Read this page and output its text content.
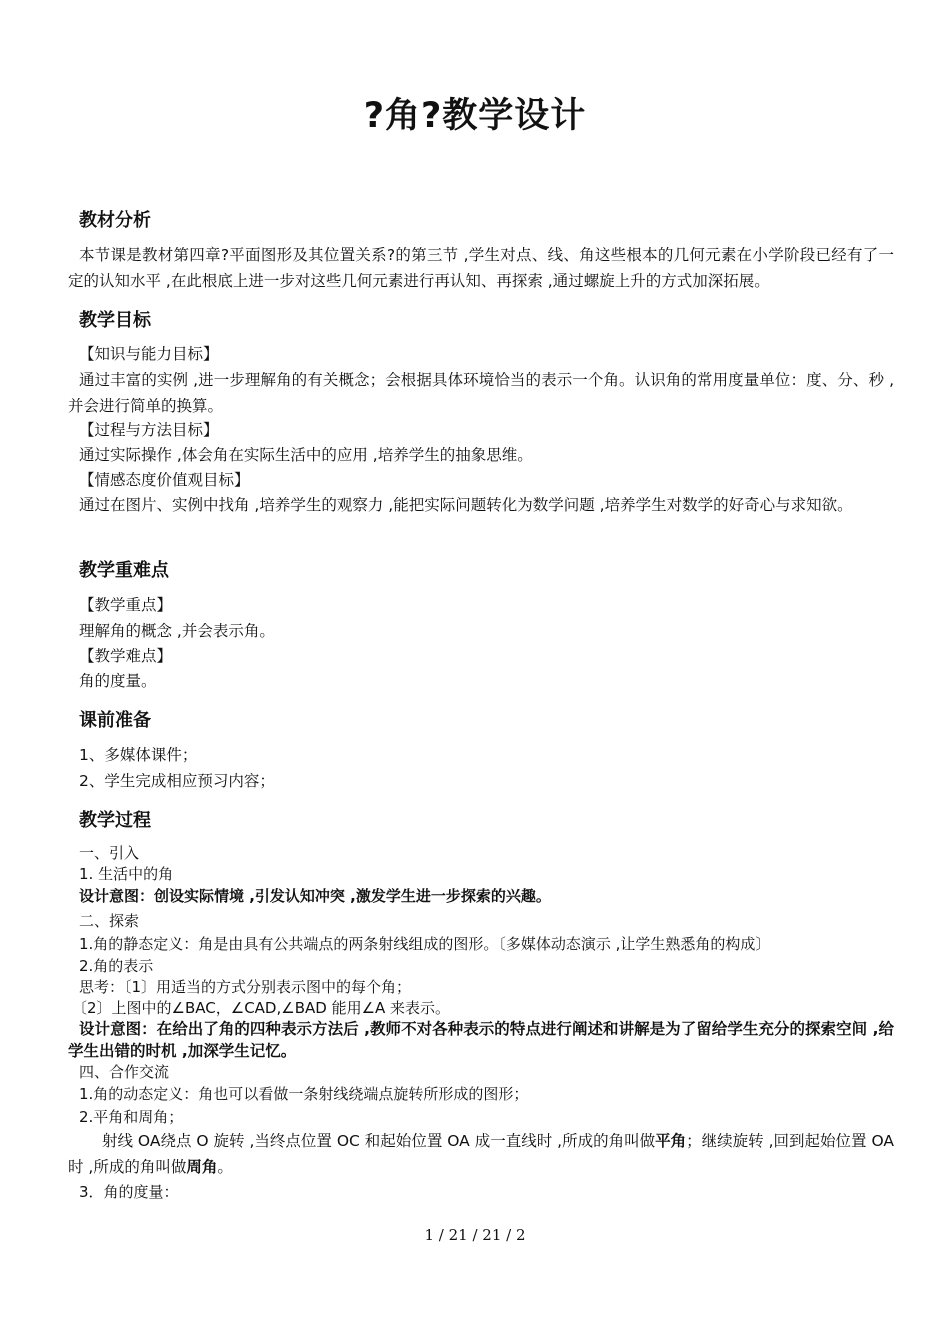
?角?教学设计
教材分析
本节课是教材第四章?平面图形及其位置关系?的第三节 ,学生对点、线、角这些根本的几何元素在小学阶段已经有了一定的认知水平 ,在此根底上进一步对这些几何元素进行再认知、再探索 ,通过螺旋上升的方式加深拓展。
教学目标
【知识与能力目标】
通过丰富的实例 ,进一步理解角的有关概念；会根据具体环境恰当的表示一个角。认识角的常用度量单位：度、分、秒 ,并会进行简单的换算。
【过程与方法目标】
通过实际操作 ,体会角在实际生活中的应用 ,培养学生的抽象思维。
【情感态度价值观目标】
通过在图片、实例中找角 ,培养学生的观察力 ,能把实际问题转化为数学问题 ,培养学生对数学的好奇心与求知欲。
教学重难点
【教学重点】
理解角的概念 ,并会表示角。
【教学难点】
角的度量。
课前准备
1、多媒体课件；
2、学生完成相应预习内容；
教学过程
一、引入
1. 生活中的角
设计意图：创设实际情境 ,引发认知冲突 ,激发学生进一步探索的兴趣。
二、探索
1.角的静态定义：角是由具有公共端点的两条射线组成的图形。〔多媒体动态演示 ,让学生熟悉角的构成〕
2.角的表示
思考：〔1〕用适当的方式分别表示图中的每个角；
〔2〕上图中的∠BAC，∠CAD,∠BAD 能用∠A 来表示。
设计意图：在给出了角的四种表示方法后 ,教师不对各种表示的特点进行阐述和讲解是为了留给学生充分的探索空间 ,给学生出错的时机 ,加深学生记忆。
四、合作交流
1.角的动态定义：角也可以看做一条射线绕端点旋转所形成的图形；
2.平角和周角；
射线 OA绕点 O 旋转 ,当终点位置 OC 和起始位置 OA 成一直线时 ,所成的角叫做平角；继续旋转 ,回到起始位置 OA 时 ,所成的角叫做周角。
3．角的度量：
1 / 21 / 21 / 2
